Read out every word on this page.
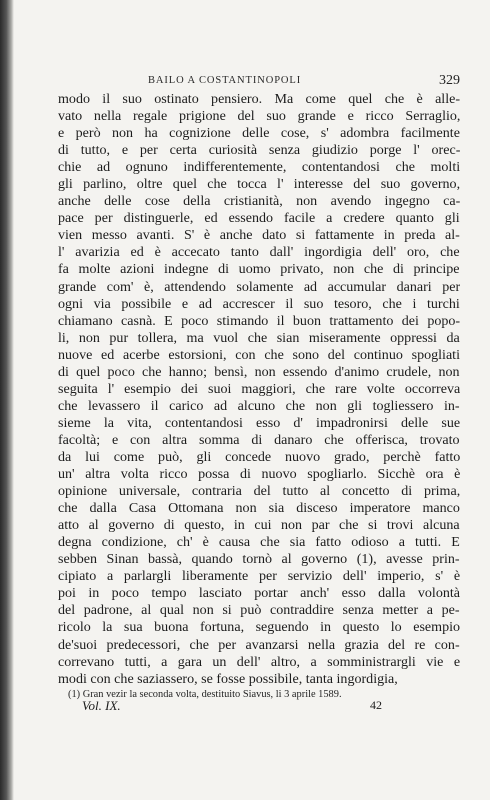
BAILO A COSTANTINOPOLI	329
modo il suo ostinato pensiero. Ma come quel che è alle-
vato nella regale prigione del suo grande e ricco Serraglio,
e però non ha cognizione delle cose, s' adombra facilmente
di tutto, e per certa curiosità senza giudizio porge l' orec-
chie ad ognuno indifferentemente, contentandosi che molti
gli parlino, oltre quel che tocca l' interesse del suo governo,
anche delle cose della cristianità, non avendo ingegno ca-
pace per distinguerle, ed essendo facile a credere quanto gli
vien messo avanti. S' è anche dato si fattamente in preda al-
l' avarizia ed è accecato tanto dall' ingordigia dell' oro, che
fa molte azioni indegne di uomo privato, non che di principe
grande com' è, attendendo solamente ad accumular danari per
ogni via possibile e ad accrescer il suo tesoro, che i turchi
chiamano casnà. E poco stimando il buon trattamento dei popo-
li, non pur tollera, ma vuol che sian miseramente oppressi da
nuove ed acerbe estorsioni, con che sono del continuo spogliati
di quel poco che hanno; bensì, non essendo d'animo crudele, non
seguita l' esempio dei suoi maggiori, che rare volte occorreva
che levassero il carico ad alcuno che non gli togliessero in-
sieme la vita, contentandosi esso d' impadronirsi delle sue
facoltà; e con altra somma di danaro che offerisca, trovato
da lui come può, gli concede nuovo grado, perchè fatto
un' altra volta ricco possa di nuovo spogliarlo. Sicchè ora è
opinione universale, contraria del tutto al concetto di prima,
che dalla Casa Ottomana non sia disceso imperatore manco
atto al governo di questo, in cui non par che si trovi alcuna
degna condizione, ch' è causa che sia fatto odioso a tutti. E
sebben Sinan bassà, quando tornò al governo (1), avesse prin-
cipiato a parlargli liberamente per servizio dell' imperio, s' è
poi in poco tempo lasciato portar anch' esso dalla volontà
del padrone, al qual non si può contraddire senza metter a pe-
ricolo la sua buona fortuna, seguendo in questo lo esempio
de'suoi predecessori, che per avanzarsi nella grazia del re con-
correvano tutti, a gara un dell' altro, a somministrargli vie e
modi con che saziassero, se fosse possibile, tanta ingordigia,
(1) Gran vezir la seconda volta, destituito Siavus, li 3 aprile 1589.
Vol. IX.	42
